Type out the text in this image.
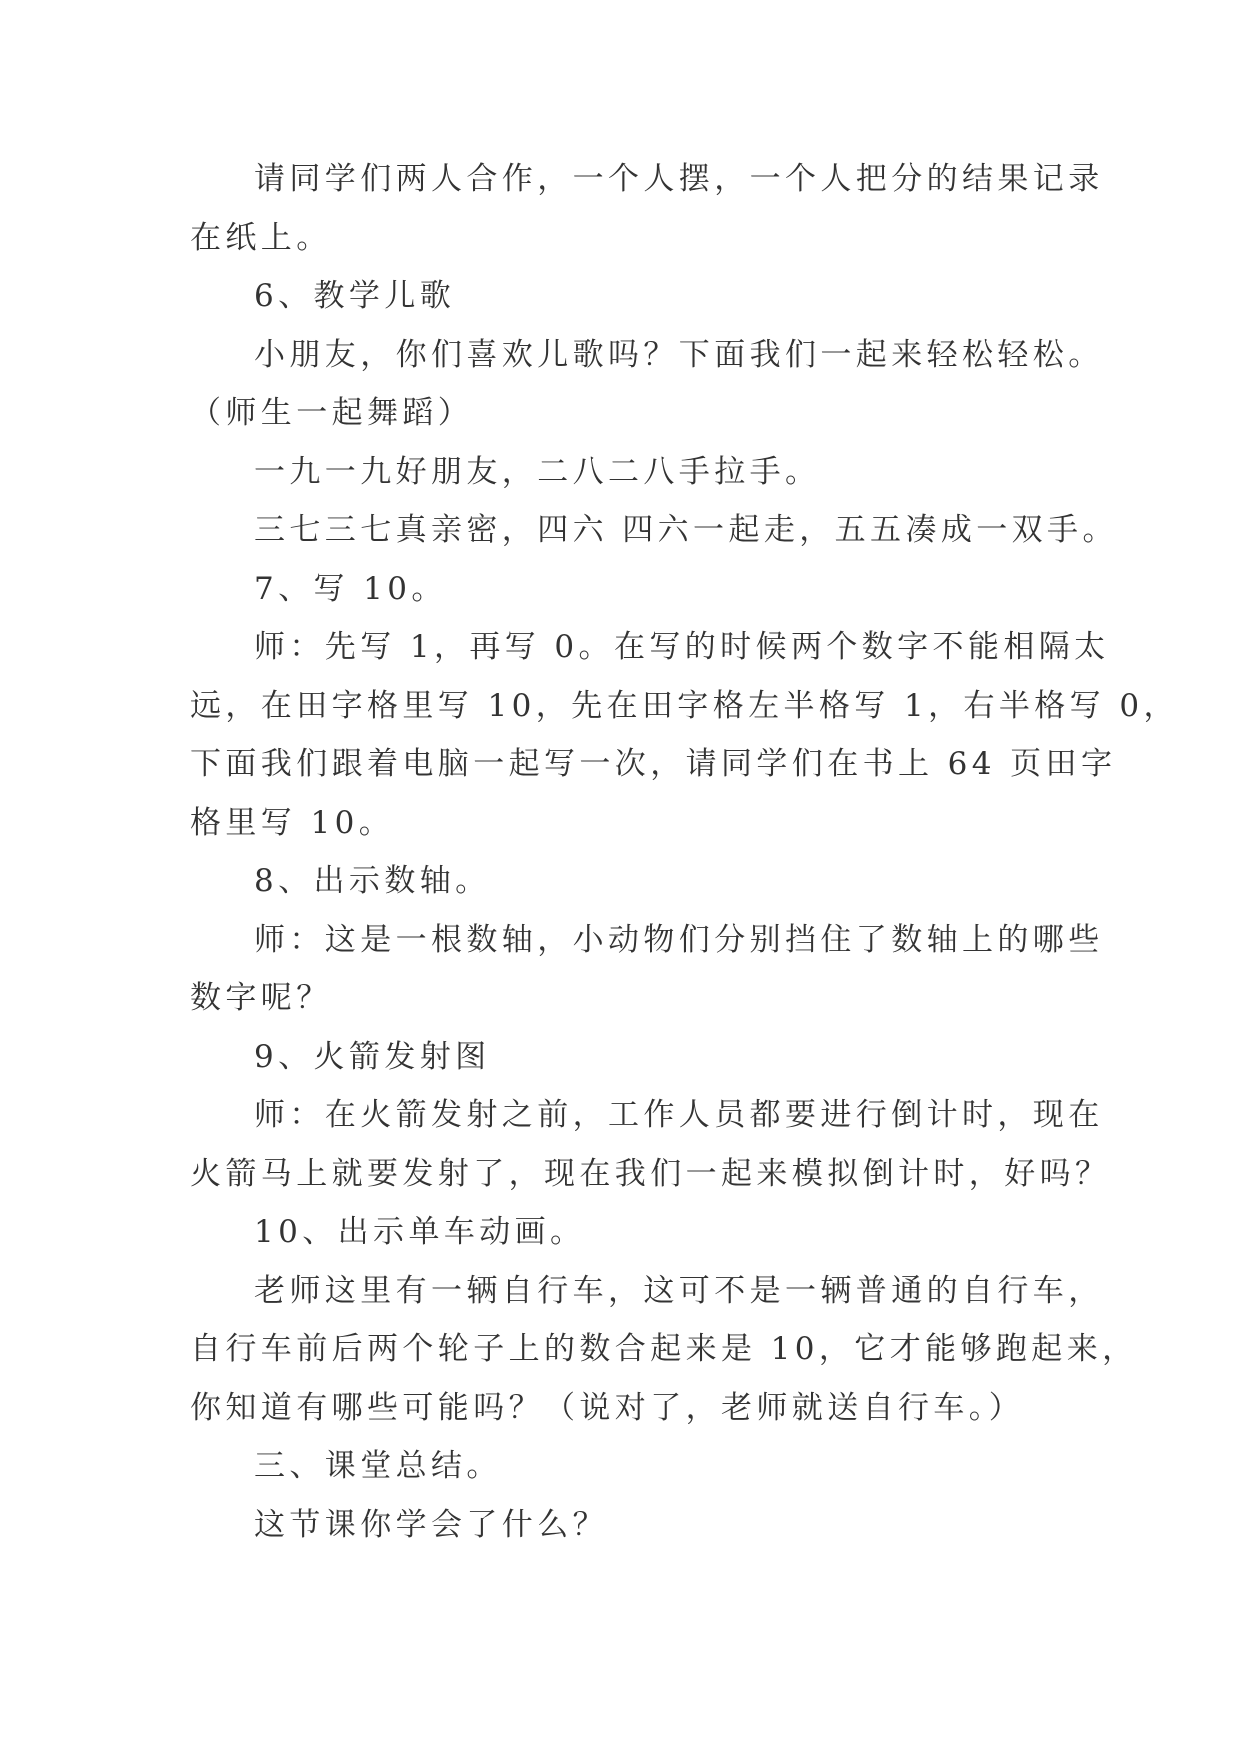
请同学们两人合作，一个人摆，一个人把分的结果记录
在纸上。
6、教学儿歌
小朋友，你们喜欢儿歌吗？下面我们一起来轻松轻松。
（师生一起舞蹈）
一九一九好朋友，二八二八手拉手。
三七三七真亲密，四六 四六一起走，五五凑成一双手。
7、写 10。
师：先写 1，再写 0。在写的时候两个数字不能相隔太
远，在田字格里写 10，先在田字格左半格写 1，右半格写 0，
下面我们跟着电脑一起写一次，请同学们在书上 64 页田字
格里写 10。
8、出示数轴。
师：这是一根数轴，小动物们分别挡住了数轴上的哪些
数字呢？
9、火箭发射图
师：在火箭发射之前，工作人员都要进行倒计时，现在
火箭马上就要发射了，现在我们一起来模拟倒计时，好吗？
10、出示单车动画。
老师这里有一辆自行车，这可不是一辆普通的自行车，
自行车前后两个轮子上的数合起来是 10，它才能够跑起来，
你知道有哪些可能吗？（说对了，老师就送自行车。）
三、课堂总结。
这节课你学会了什么？
